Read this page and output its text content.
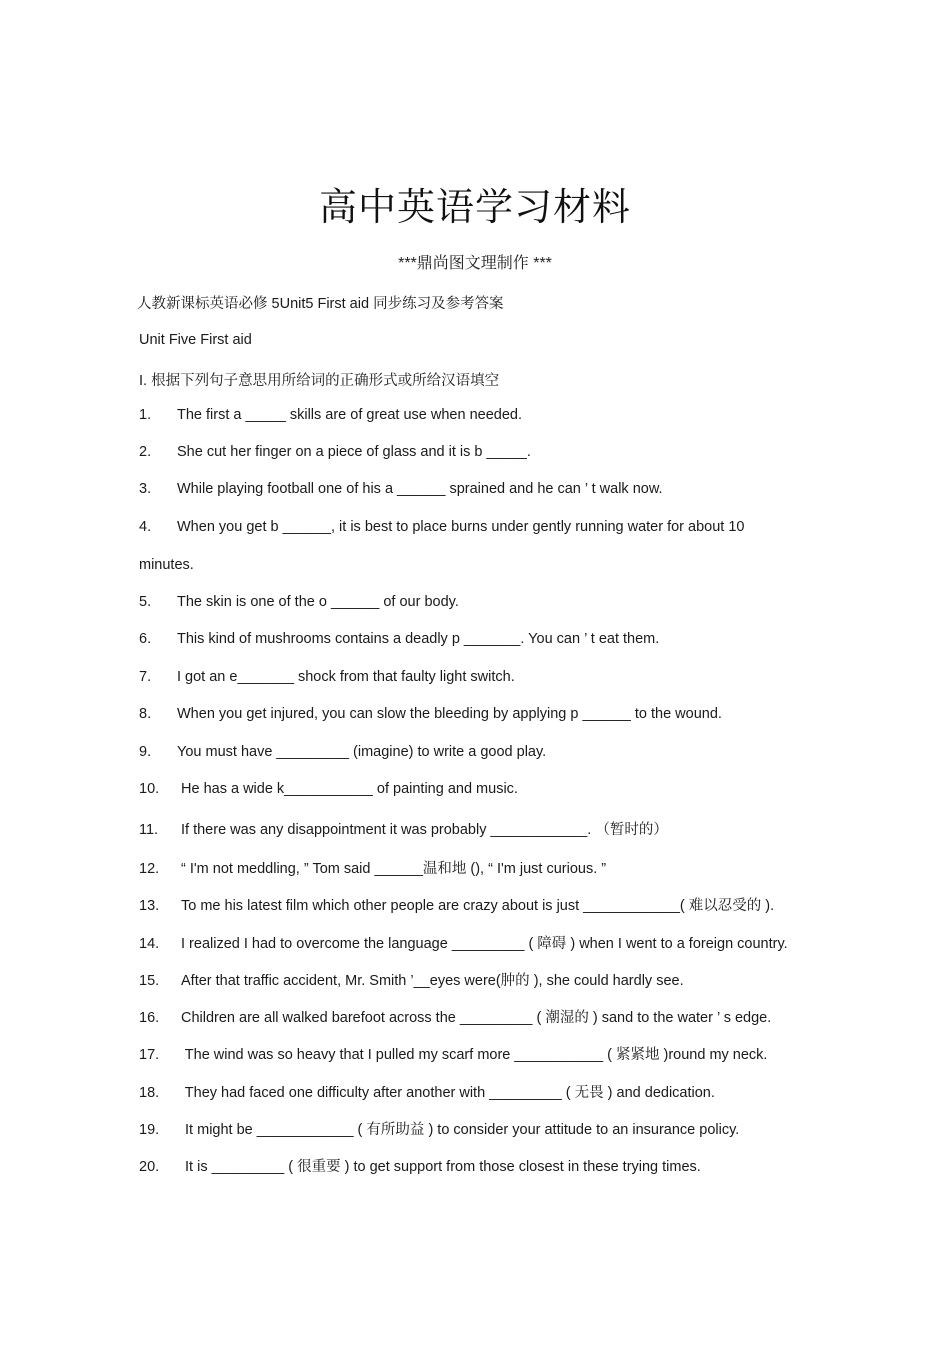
高中英语学习材料
***鼎尚图文理制作 ***
人教新课标英语必修 5Unit5 First aid 同步练习及参考答案
Unit Five First aid
I. 根据下列句子意思用所给词的正确形式或所给汉语填空
1. The first a _____ skills are of great use when needed.
2. She cut her finger on a piece of glass and it is b _____.
3. While playing football one of his a ______ sprained and he can ’ t walk now.
4. When you get b ______, it is best to place burns under gently running water for about 10
minutes.
5. The skin is one of the o ______ of our body.
6. This kind of mushrooms contains a deadly p _______. You can ’ t eat them.
7. I got an e_______ shock from that faulty light switch.
8. When you get injured, you can slow the bleeding by applying p ______ to the wound.
9. You must have _________ (imagine) to write a good play.
10. He has a wide k___________ of painting and music.
11. If there was any disappointment it was probably ____________. （暂时的）
12. “ I'm not meddling, ” Tom said ______温和地 (), “ I'm just curious. ”
13. To me his latest film which other people are crazy about is just ____________( 难以忍受的 ).
14. I realized I had to overcome the language _________ ( 障碍 ) when I went to a foreign country.
15. After that traffic accident, Mr. Smith ’__eyes were(肿的 ), she could hardly see.
16. Children are all walked barefoot across the _________ ( 潮湿的 ) sand to the water ’ s edge.
17. The wind was so heavy that I pulled my scarf more ___________ ( 紧紧地 )round my neck.
18. They had faced one difficulty after another with _________ ( 无畏 ) and dedication.
19. It might be ____________ ( 有所助益 ) to consider your attitude to an insurance policy.
20. It is _________ ( 很重要 ) to get support from those closest in these trying times.
